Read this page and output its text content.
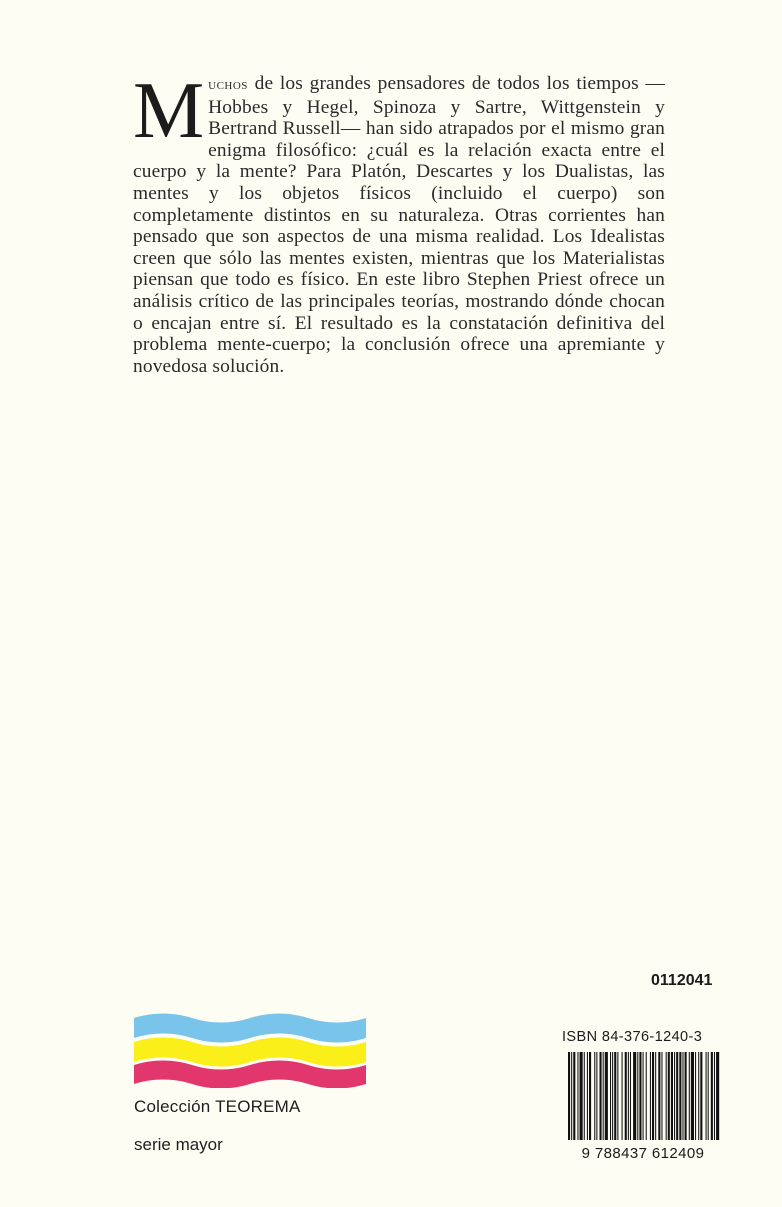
Muchos de los grandes pensadores de todos los tiempos —Hobbes y Hegel, Spinoza y Sartre, Wittgenstein y Bertrand Russell— han sido atrapados por el mismo gran enigma filosófico: ¿cuál es la relación exacta entre el cuerpo y la mente? Para Platón, Descartes y los Dualistas, las mentes y los objetos físicos (incluido el cuerpo) son completamente distintos en su naturaleza. Otras corrientes han pensado que son aspectos de una misma realidad. Los Idealistas creen que sólo las mentes existen, mientras que los Materialistas piensan que todo es físico. En este libro Stephen Priest ofrece un análisis crítico de las principales teorías, mostrando dónde chocan o encajan entre sí. El resultado es la constatación definitiva del problema mente-cuerpo; la conclusión ofrece una apremiante y novedosa solución.
0112041
Colección TEOREMA
serie mayor
ISBN 84-376-1240-3
9 788437 612409
